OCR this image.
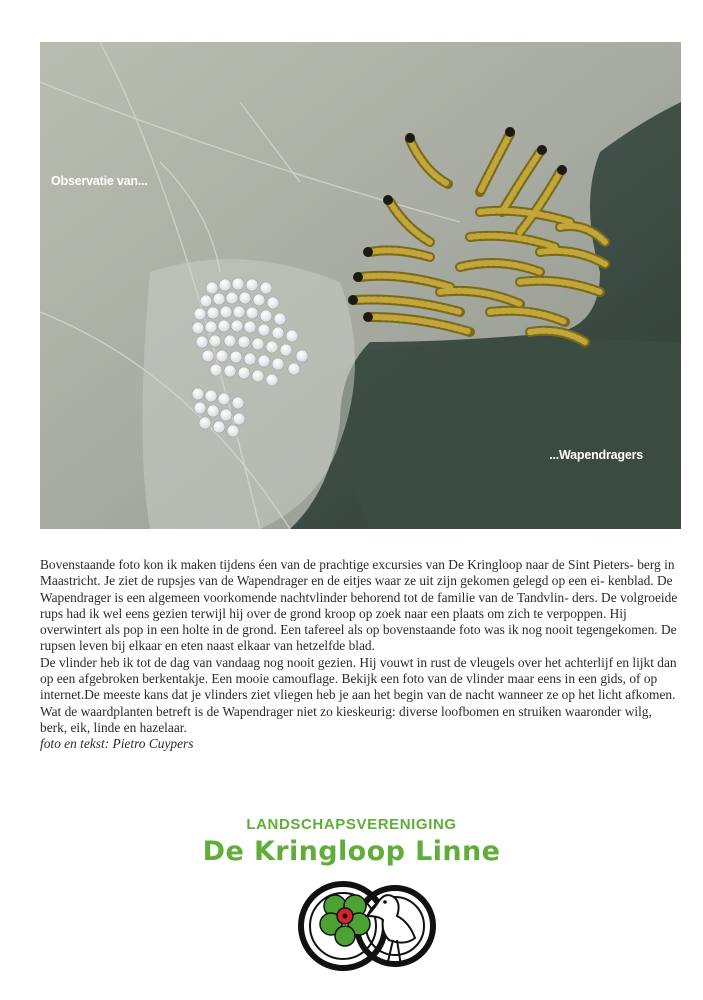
Observatie van...
...Wapendragers

Bovenstaande foto kon ik maken tijdens éen van de prachtige excursies van De Kringloop naar de Sint Pieters- berg in Maastricht. Je ziet de rupsjes van de Wapendrager en de eitjes waar ze uit zijn gekomen gelegd op een ei- kenblad. De Wapendrager is een algemeen voorkomende nachtvlinder behorend tot de familie van de Tandvlin- ders. De volgroeide rups had ik wel eens gezien terwijl hij over de grond kroop op zoek naar een plaats om zich te verpoppen. Hij overwintert als pop in een holte in de grond. Een tafereel als op bovenstaande foto was ik nog nooit tegengekomen. De rupsen leven bij elkaar en eten naast elkaar van hetzelfde blad.

De vlinder heb ik tot de dag van vandaag nog nooit gezien. Hij vouwt in rust de vleugels over het achterlijf en lijkt dan op een afgebroken berkentakje. Een mooie camouflage. Bekijk een foto van de vlinder maar eens in een gids, of op internet.De meeste kans dat je vlinders ziet vliegen heb je aan het begin van de nacht wanneer ze op het licht afkomen.

Wat de waardplanten betreft is de Wapendrager niet zo kieskeurig: diverse loofbomen en struiken waaronder wilg, berk, eik, linde en hazelaar.

foto en tekst: Pietro Cuypers

LANDSCHAPSVERENIGING
De Kringloop Linne
